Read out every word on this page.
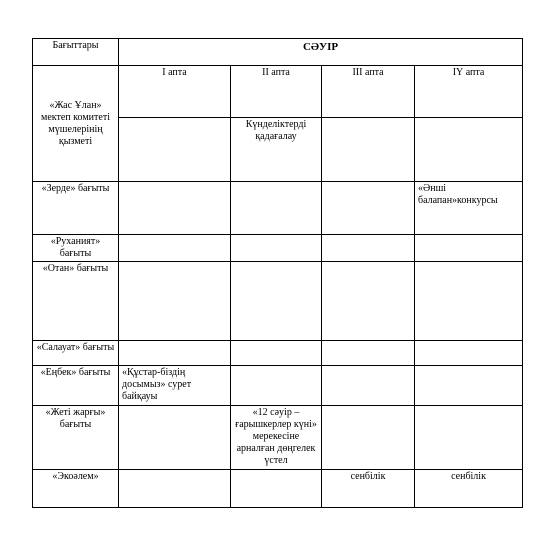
Бағыттары	СӘУІР			
«Жас Ұлан» мектеп комитеті мүшелерінің қызметі	І апта	ІІ апта	ІІІ апта	ІҮ апта
		Күнделіктерді қадағалау		
«Зерде» бағыты				«Әнші балапан»конкурсы
«Руханият» бағыты				
«Отан» бағыты				
«Салауат» бағыты				
«Еңбек» бағыты	«Құстар-біздің досымыз» сурет байқауы			
«Жеті жарғы» бағыты		«12 сәуір – ғарышкерлер күні» мерекесіне арналған дөңгелек үстел		
«Экоәлем»			сенбілік	сенбілік
